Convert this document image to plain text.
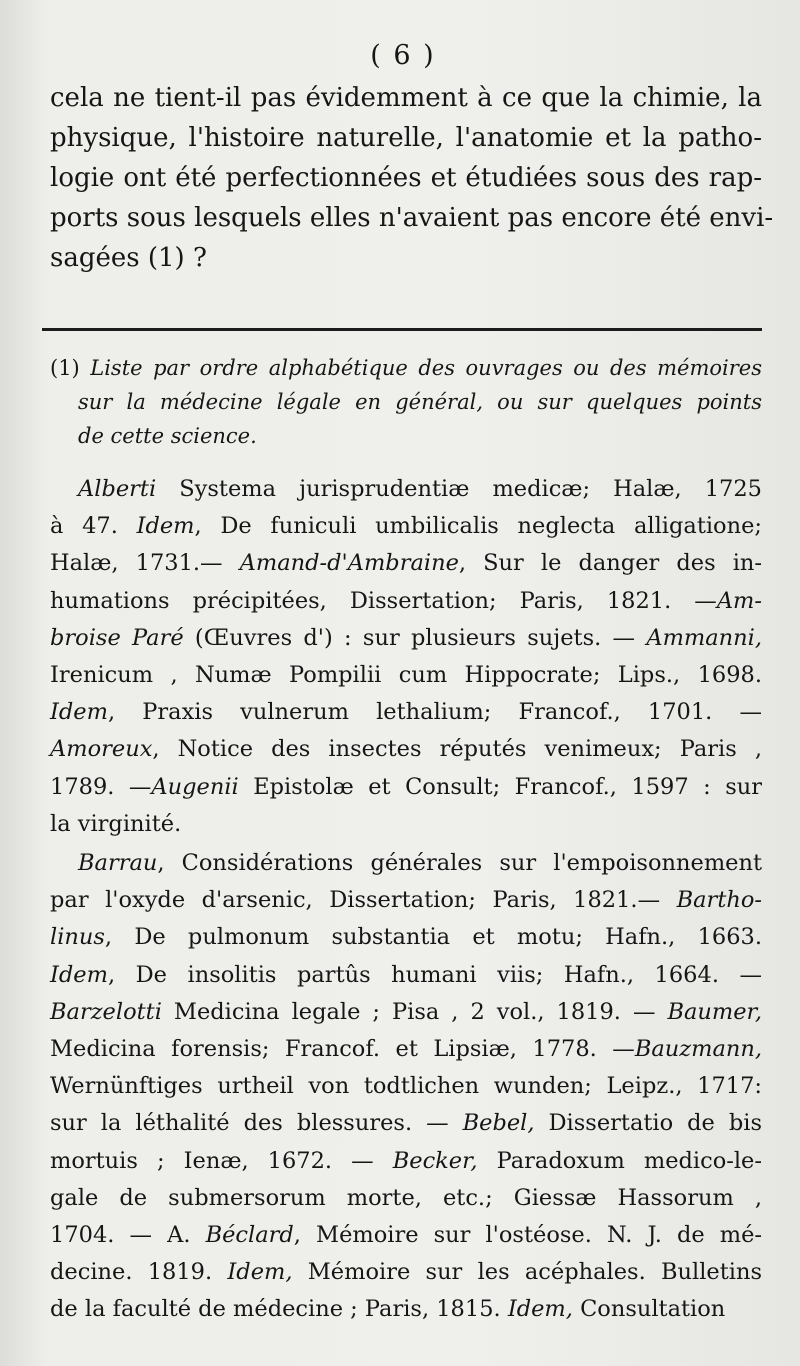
( 6 )
cela ne tient-il pas évidemment à ce que la chimie, la
physique, l'histoire naturelle, l'anatomie et la patho-
logie ont été perfectionnées et étudiées sous des rap-
ports sous lesquels elles n'avaient pas encore été envi-
sagées (1) ?
(1) Liste par ordre alphabétique des ouvrages ou des mémoires
sur la médecine légale en général, ou sur quelques points
de cette science.
Alberti Systema jurisprudentiæ medicæ; Halæ, 1725
à 47. Idem, De funiculi umbilicalis neglecta alligatione;
Halæ, 1731.— Amand-d'Ambraine, Sur le danger des in-
humations précipitées, Dissertation; Paris, 1821. —Am-
broise Paré (Œuvres d') : sur plusieurs sujets. — Ammanni,
Irenicum , Numæ Pompilii cum Hippocrate; Lips., 1698.
Idem, Praxis vulnerum lethalium; Francof., 1701. —
Amoreux, Notice des insectes réputés venimeux; Paris ,
1789. —Augenii Epistolæ et Consult; Francof., 1597 : sur
la virginité.
Barrau, Considérations générales sur l'empoisonnement
par l'oxyde d'arsenic, Dissertation; Paris, 1821.— Bartho-
linus, De pulmonum substantia et motu; Hafn., 1663.
Idem, De insolitis partûs humani viis; Hafn., 1664. —
Barzelotti Medicina legale ; Pisa , 2 vol., 1819. — Baumer,
Medicina forensis; Francof. et Lipsiæ, 1778. —Bauzmann,
Wernünftiges urtheil von todtlichen wunden; Leipz., 1717:
sur la léthalité des blessures. — Bebel, Dissertatio de bis
mortuis ; Ienæ, 1672. — Becker, Paradoxum medico-le-
gale de submersorum morte, etc.; Giessæ Hassorum ,
1704. — A. Béclard, Mémoire sur l'ostéose. N. J. de mé-
decine. 1819. Idem, Mémoire sur les acéphales. Bulletins
de la faculté de médecine ; Paris, 1815. Idem, Consultation
